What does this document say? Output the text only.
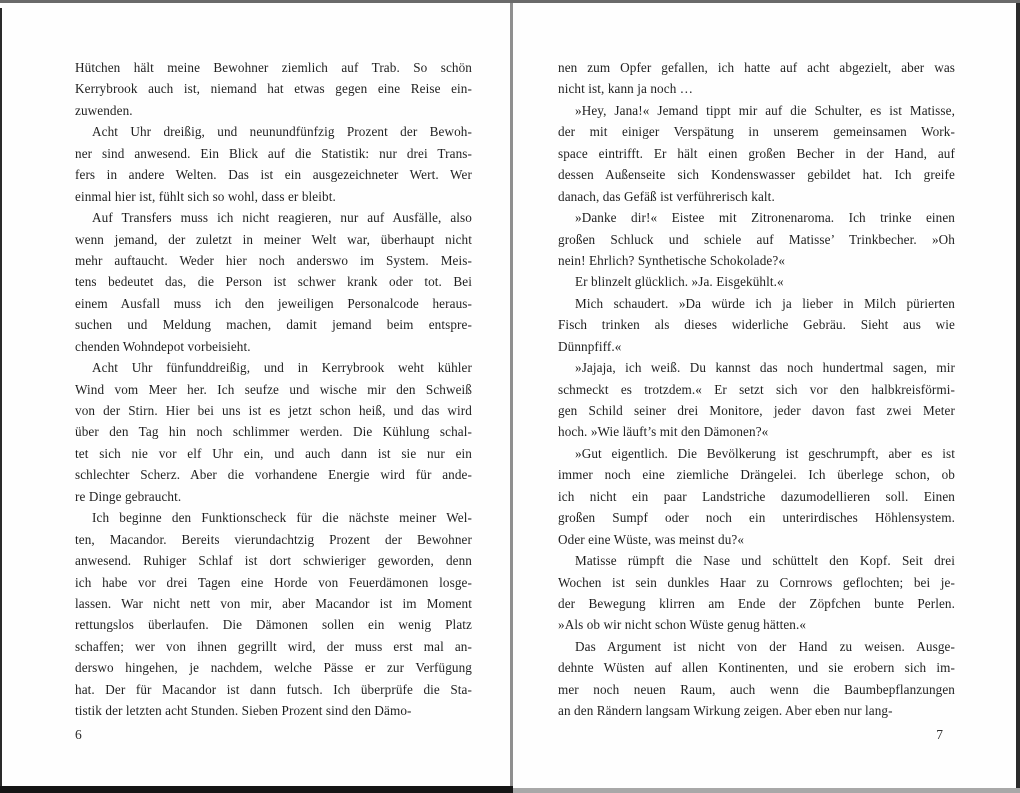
Hütchen hält meine Bewohner ziemlich auf Trab. So schön
Kerrybrook auch ist, niemand hat etwas gegen eine Reise ein-
zuwenden.
Acht Uhr dreißig, und neunundfünfzig Prozent der Bewoh-
ner sind anwesend. Ein Blick auf die Statistik: nur drei Trans-
fers in andere Welten. Das ist ein ausgezeichneter Wert. Wer
einmal hier ist, fühlt sich so wohl, dass er bleibt.
Auf Transfers muss ich nicht reagieren, nur auf Ausfälle, also
wenn jemand, der zuletzt in meiner Welt war, überhaupt nicht
mehr auftaucht. Weder hier noch anderswo im System. Meis-
tens bedeutet das, die Person ist schwer krank oder tot. Bei
einem Ausfall muss ich den jeweiligen Personalcode heraus-
suchen und Meldung machen, damit jemand beim entspre-
chenden Wohndepot vorbeisieht.
Acht Uhr fünfunddreißig, und in Kerrybrook weht kühler
Wind vom Meer her. Ich seufze und wische mir den Schweiß
von der Stirn. Hier bei uns ist es jetzt schon heiß, und das wird
über den Tag hin noch schlimmer werden. Die Kühlung schal-
tet sich nie vor elf Uhr ein, und auch dann ist sie nur ein
schlechter Scherz. Aber die vorhandene Energie wird für ande-
re Dinge gebraucht.
Ich beginne den Funktionscheck für die nächste meiner Wel-
ten, Macandor. Bereits vierundachtzig Prozent der Bewohner
anwesend. Ruhiger Schlaf ist dort schwieriger geworden, denn
ich habe vor drei Tagen eine Horde von Feuerdämonen losge-
lassen. War nicht nett von mir, aber Macandor ist im Moment
rettungslos überlaufen. Die Dämonen sollen ein wenig Platz
schaffen; wer von ihnen gegrillt wird, der muss erst mal an-
derswo hingehen, je nachdem, welche Pässe er zur Verfügung
hat. Der für Macandor ist dann futsch. Ich überprüfe die Sta-
tistik der letzten acht Stunden. Sieben Prozent sind den Dämo-
6
nen zum Opfer gefallen, ich hatte auf acht abgezielt, aber was
nicht ist, kann ja noch …
»Hey, Jana!« Jemand tippt mir auf die Schulter, es ist Matisse,
der mit einiger Verspätung in unserem gemeinsamen Work-
space eintrifft. Er hält einen großen Becher in der Hand, auf
dessen Außenseite sich Kondenswasser gebildet hat. Ich greife
danach, das Gefäß ist verführerisch kalt.
»Danke dir!« Eistee mit Zitronenaroma. Ich trinke einen
großen Schluck und schiele auf Matisse’ Trinkbecher. »Oh
nein! Ehrlich? Synthetische Schokolade?«
Er blinzelt glücklich. »Ja. Eisgekühlt.«
Mich schaudert. »Da würde ich ja lieber in Milch pürierten
Fisch trinken als dieses widerliche Gebräu. Sieht aus wie
Dünnpfiff.«
»Jajaja, ich weiß. Du kannst das noch hundertmal sagen, mir
schmeckt es trotzdem.« Er setzt sich vor den halbkreisförmi-
gen Schild seiner drei Monitore, jeder davon fast zwei Meter
hoch. »Wie läuft’s mit den Dämonen?«
»Gut eigentlich. Die Bevölkerung ist geschrumpft, aber es ist
immer noch eine ziemliche Drängelei. Ich überlege schon, ob
ich nicht ein paar Landstriche dazumodellieren soll. Einen
großen Sumpf oder noch ein unterirdisches Höhlensystem.
Oder eine Wüste, was meinst du?«
Matisse rümpft die Nase und schüttelt den Kopf. Seit drei
Wochen ist sein dunkles Haar zu Cornrows geflochten; bei je-
der Bewegung klirren am Ende der Zöpfchen bunte Perlen.
»Als ob wir nicht schon Wüste genug hätten.«
Das Argument ist nicht von der Hand zu weisen. Ausge-
dehnte Wüsten auf allen Kontinenten, und sie erobern sich im-
mer noch neuen Raum, auch wenn die Baumbepflanzungen
an den Rändern langsam Wirkung zeigen. Aber eben nur lang-
7
